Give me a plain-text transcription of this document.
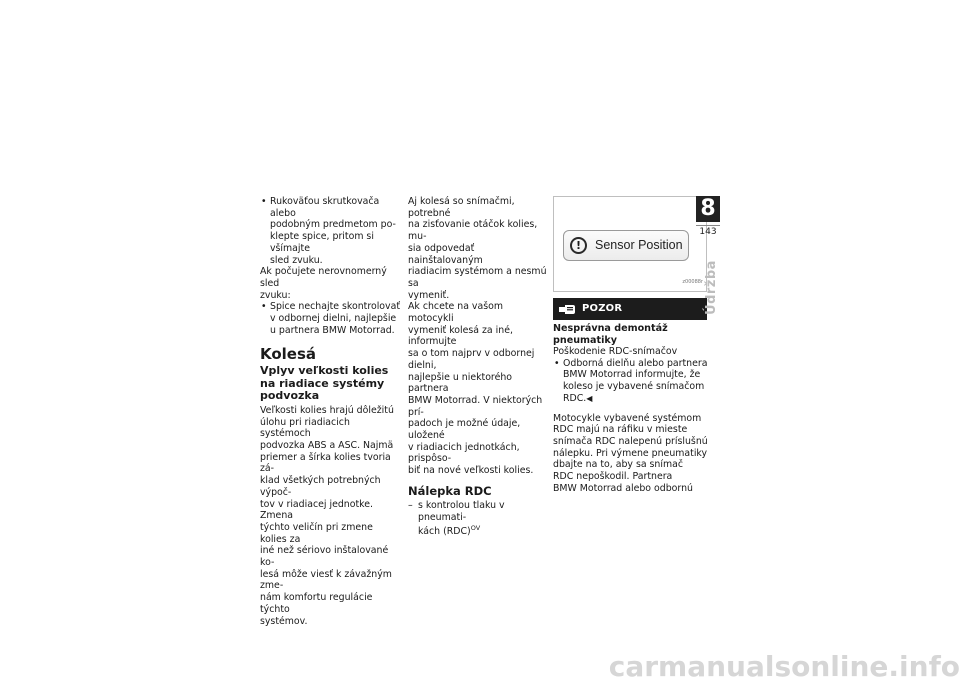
• Rukoväťou skrutkovača alebo
podobným predmetom po-
klepte spice, pritom si všímajte
sled zvuku.
Ak počujete nerovnomerný sled
zvuku:
• Spice nechajte skontrolovať
v odbornej dielni, najlepšie
u partnera BMW Motorrad.
Kolesá
Vplyv veľkosti kolies
na riadiace systémy
podvozka
Veľkosti kolies hrajú dôležitú
úlohu pri riadiacich systémoch
podvozka ABS a ASC. Najmä
priemer a šírka kolies tvoria zá-
klad všetkých potrebných výpoč-
tov v riadiacej jednotke. Zmena
týchto veličín pri zmene kolies za
iné než sériovo inštalované ko-
lesá môže viesť k závažným zme-
nám komfortu regulácie týchto
systémov.
Aj kolesá so snímačmi, potrebné
na zisťovanie otáčok kolies, mu-
sia odpovedať nainštalovaným
riadiacim systémom a nesmú sa
vymeniť.
Ak chcete na vašom motocykli
vymeniť kolesá za iné, informujte
sa o tom najprv v odbornej dielni,
najlepšie u niektorého partnera
BMW Motorrad. V niektorých prí-
padoch je možné údaje, uložené
v riadiacich jednotkách, prispôso-
biť na nové veľkosti kolies.
Nálepka RDC
– s kontrolou tlaku v pneumati-
kách (RDC)$^{OV}$
!	Sensor Position
z00088r
POZOR
Nesprávna demontáž
pneumatiky
Poškodenie RDC-snímačov
• Odborná dielňu alebo partnera
BMW Motorrad informujte, že
koleso je vybavené snímačom
RDC.◀
Motocykle vybavené systémom
RDC majú na ráfiku v mieste
snímača RDC nalepenú príslušnú
nálepku. Pri výmene pneumatiky
dbajte na to, aby sa snímač
RDC nepoškodil. Partnera
BMW Motorrad alebo odbornú
8
143
Údržba
carmanualsonline.info
